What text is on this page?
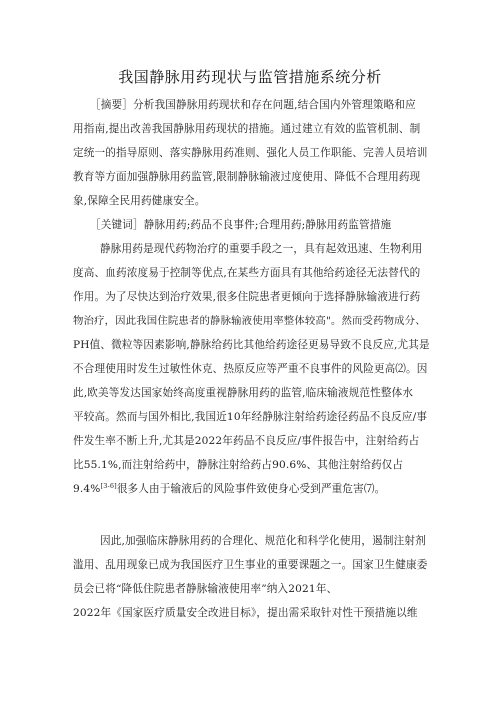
我国静脉用药现状与监管措施系统分析
［摘要］分析我国静脉用药现状和存在问题,结合国内外管理策略和应
用指南,提出改善我国静脉用药现状的措施。通过建立有效的监管机制、制
定统一的指导原则、落实静脉用药准则、强化人员工作职能、完善人员培训
教育等方面加强静脉用药监管,限制静脉输液过度使用、降低不合理用药现
象,保障全民用药健康安全。
［关键词］静脉用药;药品不良事件;合理用药;静脉用药监管措施
静脉用药是现代药物治疗的重要手段之一，具有起效迅速、生物利用
度高、血药浓度易于控制等优点,在某些方面具有其他给药途径无法替代的
作用。为了尽快达到治疗效果,很多住院患者更倾向于选择静脉输液进行药
物治疗，因此我国住院患者的静脉输液使用率整体较高"。然而受药物成分、
PH值、微粒等因素影响,静脉给药比其他给药途径更易导致不良反应,尤其是
不合理使用时发生过敏性休克、热原反应等严重不良事件的风险更高⑵。因
此,欧美等发达国家始终高度重视静脉用药的监管,临床输液规范性整体水
平较高。然而与国外相比,我国近10年经静脉注射给药途径药品不良反应/事
件发生率不断上升,尤其是2022年药品不良反应/事件报告中，注射给药占
比55.1%,而注射给药中，静脉注射给药占90.6%、其他注射给药仅占
9.4%[3-6]很多人由于输液后的风险事件致使身心受到严重危害⑺。
因此,加强临床静脉用药的合理化、规范化和科学化使用，遏制注射剂
滥用、乱用现象已成为我国医疗卫生事业的重要课题之一。国家卫生健康委
员会已将“降低住院患者静脉输液使用率”纳入2021年、
2022年《国家医疗质量安全改进目标》，提出需采取针对性干预措施以维
